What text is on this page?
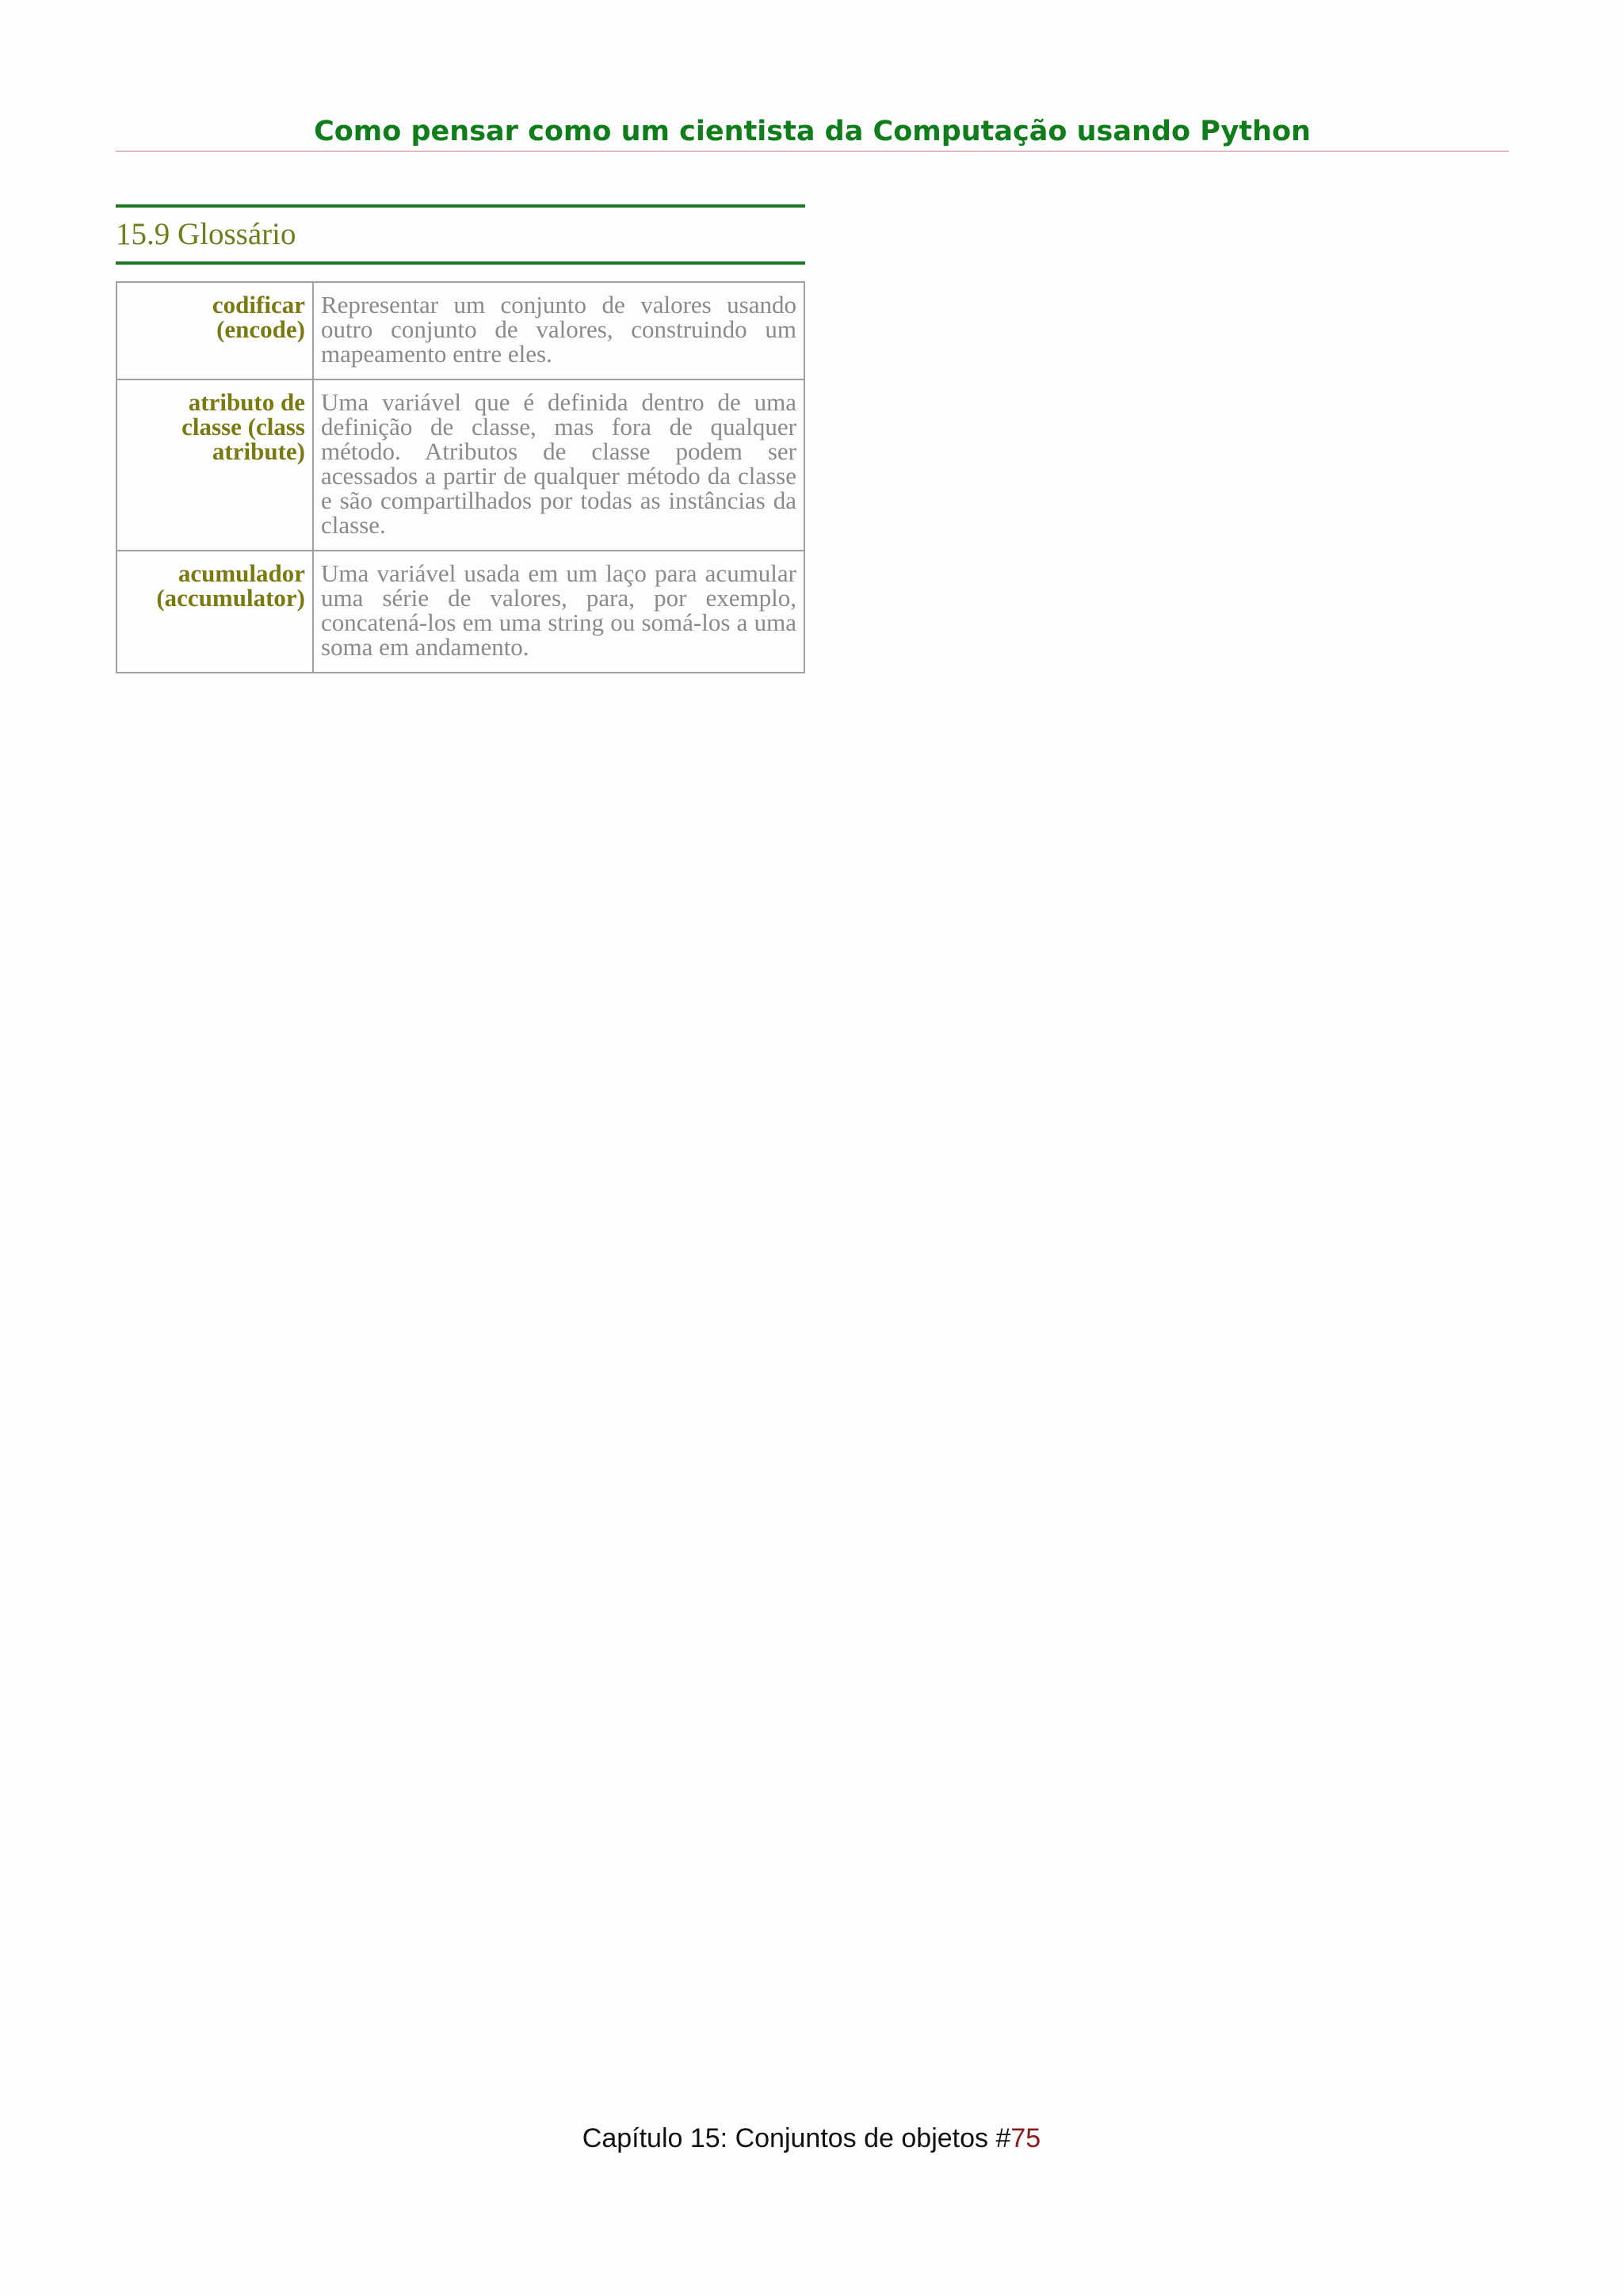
Como pensar como um cientista da Computação usando Python
15.9 Glossário
codificar (encode)	Representar um conjunto de valores usando outro conjunto de valores, construindo um mapeamento entre eles.
atributo de classe (class atribute)	Uma variável que é definida dentro de uma definição de classe, mas fora de qualquer método. Atributos de classe podem ser acessados a partir de qualquer método da classe e são compartilhados por todas as instâncias da classe.
acumulador (accumulator)	Uma variável usada em um laço para acumular uma série de valores, para, por exemplo, concatená-los em uma string ou somá-los a uma soma em andamento.
Capítulo 15: Conjuntos de objetos #75
